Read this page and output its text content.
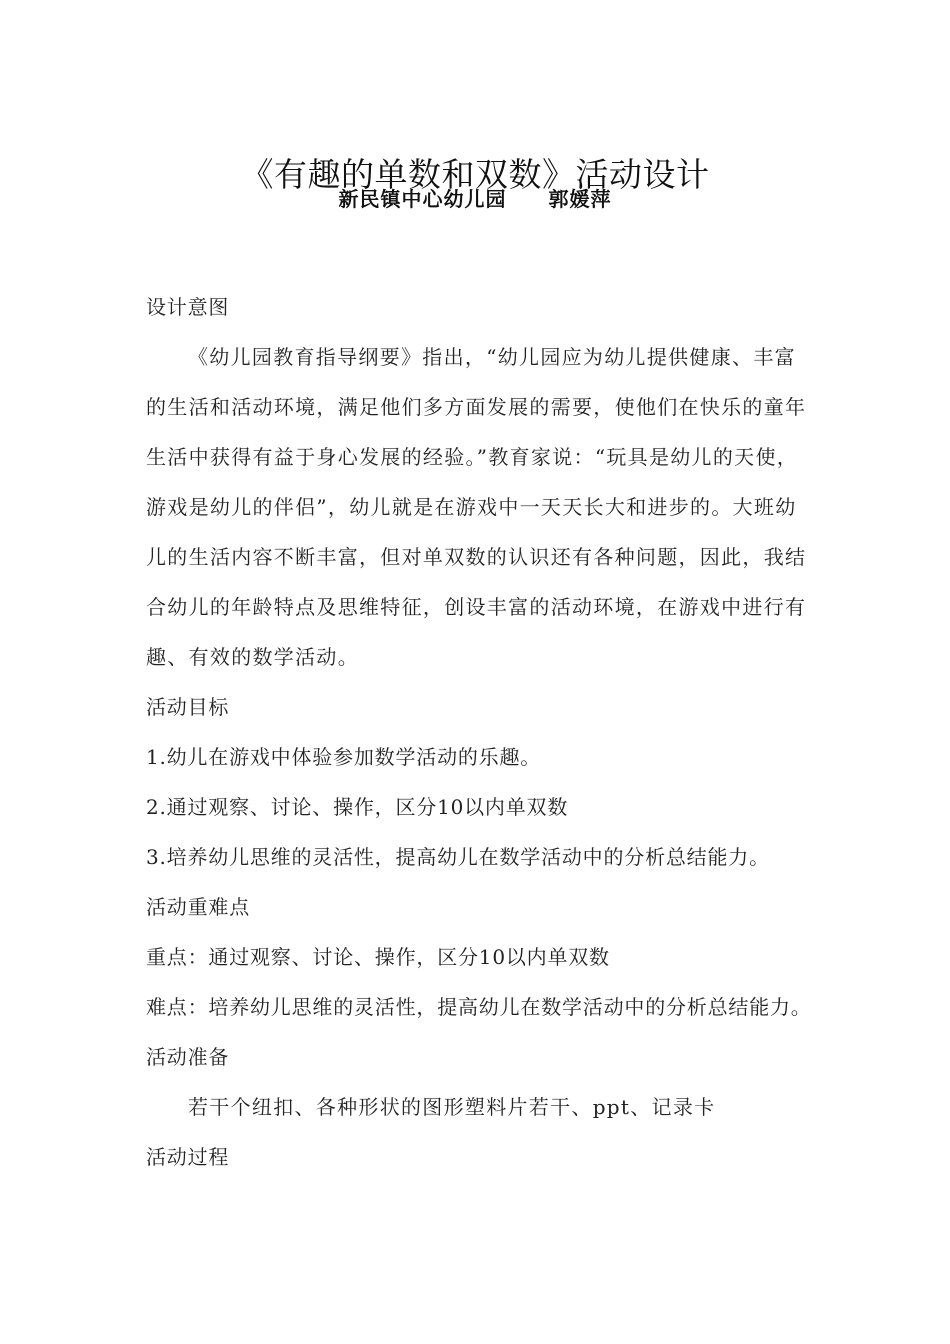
《有趣的单数和双数》活动设计
新民镇中心幼儿园 郭媛萍

设计意图

《幼儿园教育指导纲要》指出，“幼儿园应为幼儿提供健康、丰富的生活和活动环境，满足他们多方面发展的需要，使他们在快乐的童年生活中获得有益于身心发展的经验。”教育家说：“玩具是幼儿的天使，游戏是幼儿的伴侣”，幼儿就是在游戏中一天天长大和进步的。大班幼儿的生活内容不断丰富，但对单双数的认识还有各种问题，因此，我结合幼儿的年龄特点及思维特征，创设丰富的活动环境，在游戏中进行有趣、有效的数学活动。

活动目标

1.幼儿在游戏中体验参加数学活动的乐趣。

2.通过观察、讨论、操作，区分10以内单双数

3.培养幼儿思维的灵活性，提高幼儿在数学活动中的分析总结能力。

活动重难点

重点：通过观察、讨论、操作，区分10以内单双数

难点：培养幼儿思维的灵活性，提高幼儿在数学活动中的分析总结能力。

活动准备

若干个纽扣、各种形状的图形塑料片若干、ppt、记录卡

活动过程
